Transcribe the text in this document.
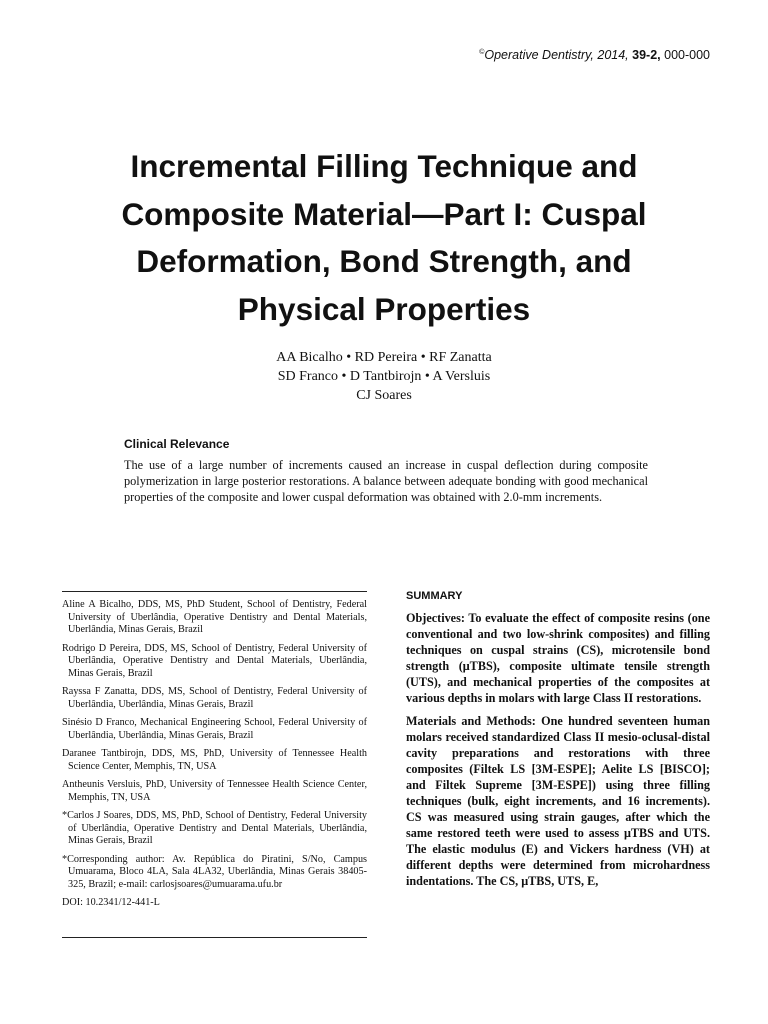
©Operative Dentistry, 2014, 39-2, 000-000
Incremental Filling Technique and
Composite Material—Part I: Cuspal
Deformation, Bond Strength, and
Physical Properties
AA Bicalho • RD Pereira • RF Zanatta
SD Franco • D Tantbirojn • A Versluis
CJ Soares
Clinical Relevance

The use of a large number of increments caused an increase in cuspal deflection during composite polymerization in large posterior restorations. A balance between adequate bonding with good mechanical properties of the composite and lower cuspal deformation was obtained with 2.0-mm increments.

Aline A Bicalho, DDS, MS, PhD Student, School of Dentistry, Federal University of Uberlândia, Operative Dentistry and Dental Materials, Uberlândia, Minas Gerais, Brazil
Rodrigo D Pereira, DDS, MS, School of Dentistry, Federal University of Uberlândia, Operative Dentistry and Dental Materials, Uberlândia, Minas Gerais, Brazil
Rayssa F Zanatta, DDS, MS, School of Dentistry, Federal University of Uberlândia, Uberlândia, Minas Gerais, Brazil
Sinésio D Franco, Mechanical Engineering School, Federal University of Uberlândia, Uberlândia, Minas Gerais, Brazil
Daranee Tantbirojn, DDS, MS, PhD, University of Tennessee Health Science Center, Memphis, TN, USA
Antheunis Versluis, PhD, University of Tennessee Health Science Center, Memphis, TN, USA
*Carlos J Soares, DDS, MS, PhD, School of Dentistry, Federal University of Uberlândia, Operative Dentistry and Dental Materials, Uberlândia, Minas Gerais, Brazil
*Corresponding author: Av. República do Piratini, S/No, Campus Umuarama, Bloco 4LA, Sala 4LA32, Uberlândia, Minas Gerais 38405-325, Brazil; e-mail: carlosjsoares@umuarama.ufu.br
DOI: 10.2341/12-441-L
SUMMARY

Objectives: To evaluate the effect of composite resins (one conventional and two low-shrink composites) and filling techniques on cuspal strains (CS), microtensile bond strength (μTBS), composite ultimate tensile strength (UTS), and mechanical properties of the composites at various depths in molars with large Class II restorations.

Materials and Methods: One hundred seventeen human molars received standardized Class II mesio-oclusal-distal cavity preparations and restorations with three composites (Filtek LS [3M-ESPE]; Aelite LS [BISCO]; and Filtek Supreme [3M-ESPE]) using three filling techniques (bulk, eight increments, and 16 increments). CS was measured using strain gauges, after which the same restored teeth were used to assess μTBS and UTS. The elastic modulus (E) and Vickers hardness (VH) at different depths were determined from microhardness indentations. The CS, μTBS, UTS, E,
